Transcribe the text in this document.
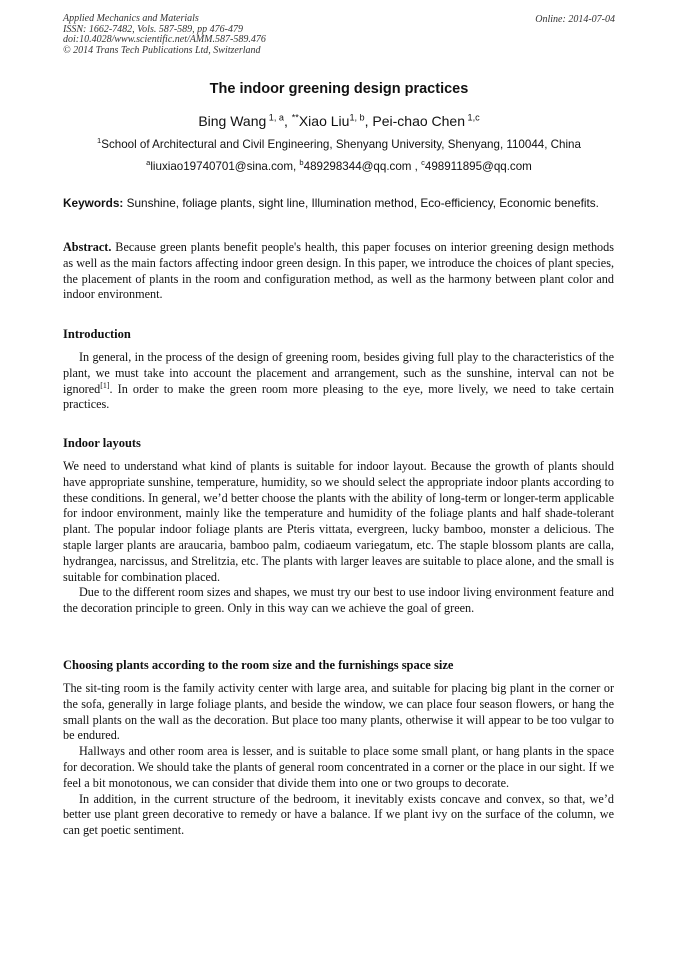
Applied Mechanics and Materials
ISSN: 1662-7482, Vols. 587-589, pp 476-479
doi:10.4028/www.scientific.net/AMM.587-589.476
© 2014 Trans Tech Publications Ltd, Switzerland
Online: 2014-07-04
The indoor greening design practices
Bing Wang $^{1, a}$, **Xiao Liu$^{1, b}$, Pei-chao Chen $^{1,c}$
$^1$School of Architectural and Civil Engineering, Shenyang University, Shenyang, 110044, China
$^a$liuxiao19740701@sina.com, $^b$489298344@qq.com , $^c$498911895@qq.com
Keywords: Sunshine, foliage plants, sight line, Illumination method, Eco-efficiency, Economic benefits.

Abstract. Because green plants benefit people's health, this paper focuses on interior greening design methods as well as the main factors affecting indoor green design. In this paper, we introduce the choices of plant species, the placement of plants in the room and configuration method, as well as the harmony between plant color and indoor environment.

Introduction

In general, in the process of the design of greening room, besides giving full play to the characteristics of the plant, we must take into account the placement and arrangement, such as the sunshine, interval can not be ignored[1]. In order to make the green room more pleasing to the eye, more lively, we need to take certain practices.

Indoor layouts

We need to understand what kind of plants is suitable for indoor layout. Because the growth of plants should have appropriate sunshine, temperature, humidity, so we should select the appropriate indoor plants according to these conditions. In general, we’d better choose the plants with the ability of long-term or longer-term applicable for indoor environment, mainly like the temperature and humidity of the foliage plants and half shade-tolerant plant. The popular indoor foliage plants are Pteris vittata, evergreen, lucky bamboo, monster a delicious. The staple larger plants are araucaria, bamboo palm, codiaeum variegatum, etc. The staple blossom plants are calla, hydrangea, narcissus, and Strelitzia, etc. The plants with larger leaves are suitable to place alone, and the small is suitable for combination placed.

Due to the different room sizes and shapes, we must try our best to use indoor living environment feature and the decoration principle to green. Only in this way can we achieve the goal of green.

Choosing plants according to the room size and the furnishings space size

The sit-ting room is the family activity center with large area, and suitable for placing big plant in the corner or the sofa, generally in large foliage plants, and beside the window, we can place four season flowers, or hang the small plants on the wall as the decoration. But place too many plants, otherwise it will appear to be too vulgar to be endured.

Hallways and other room area is lesser, and is suitable to place some small plant, or hang plants in the space for decoration. We should take the plants of general room concentrated in a corner or the place in our sight. If we feel a bit monotonous, we can consider that divide them into one or two groups to decorate.

In addition, in the current structure of the bedroom, it inevitably exists concave and convex, so that, we’d better use plant green decorative to remedy or have a balance. If we plant ivy on the surface of the column, we can get poetic sentiment.
